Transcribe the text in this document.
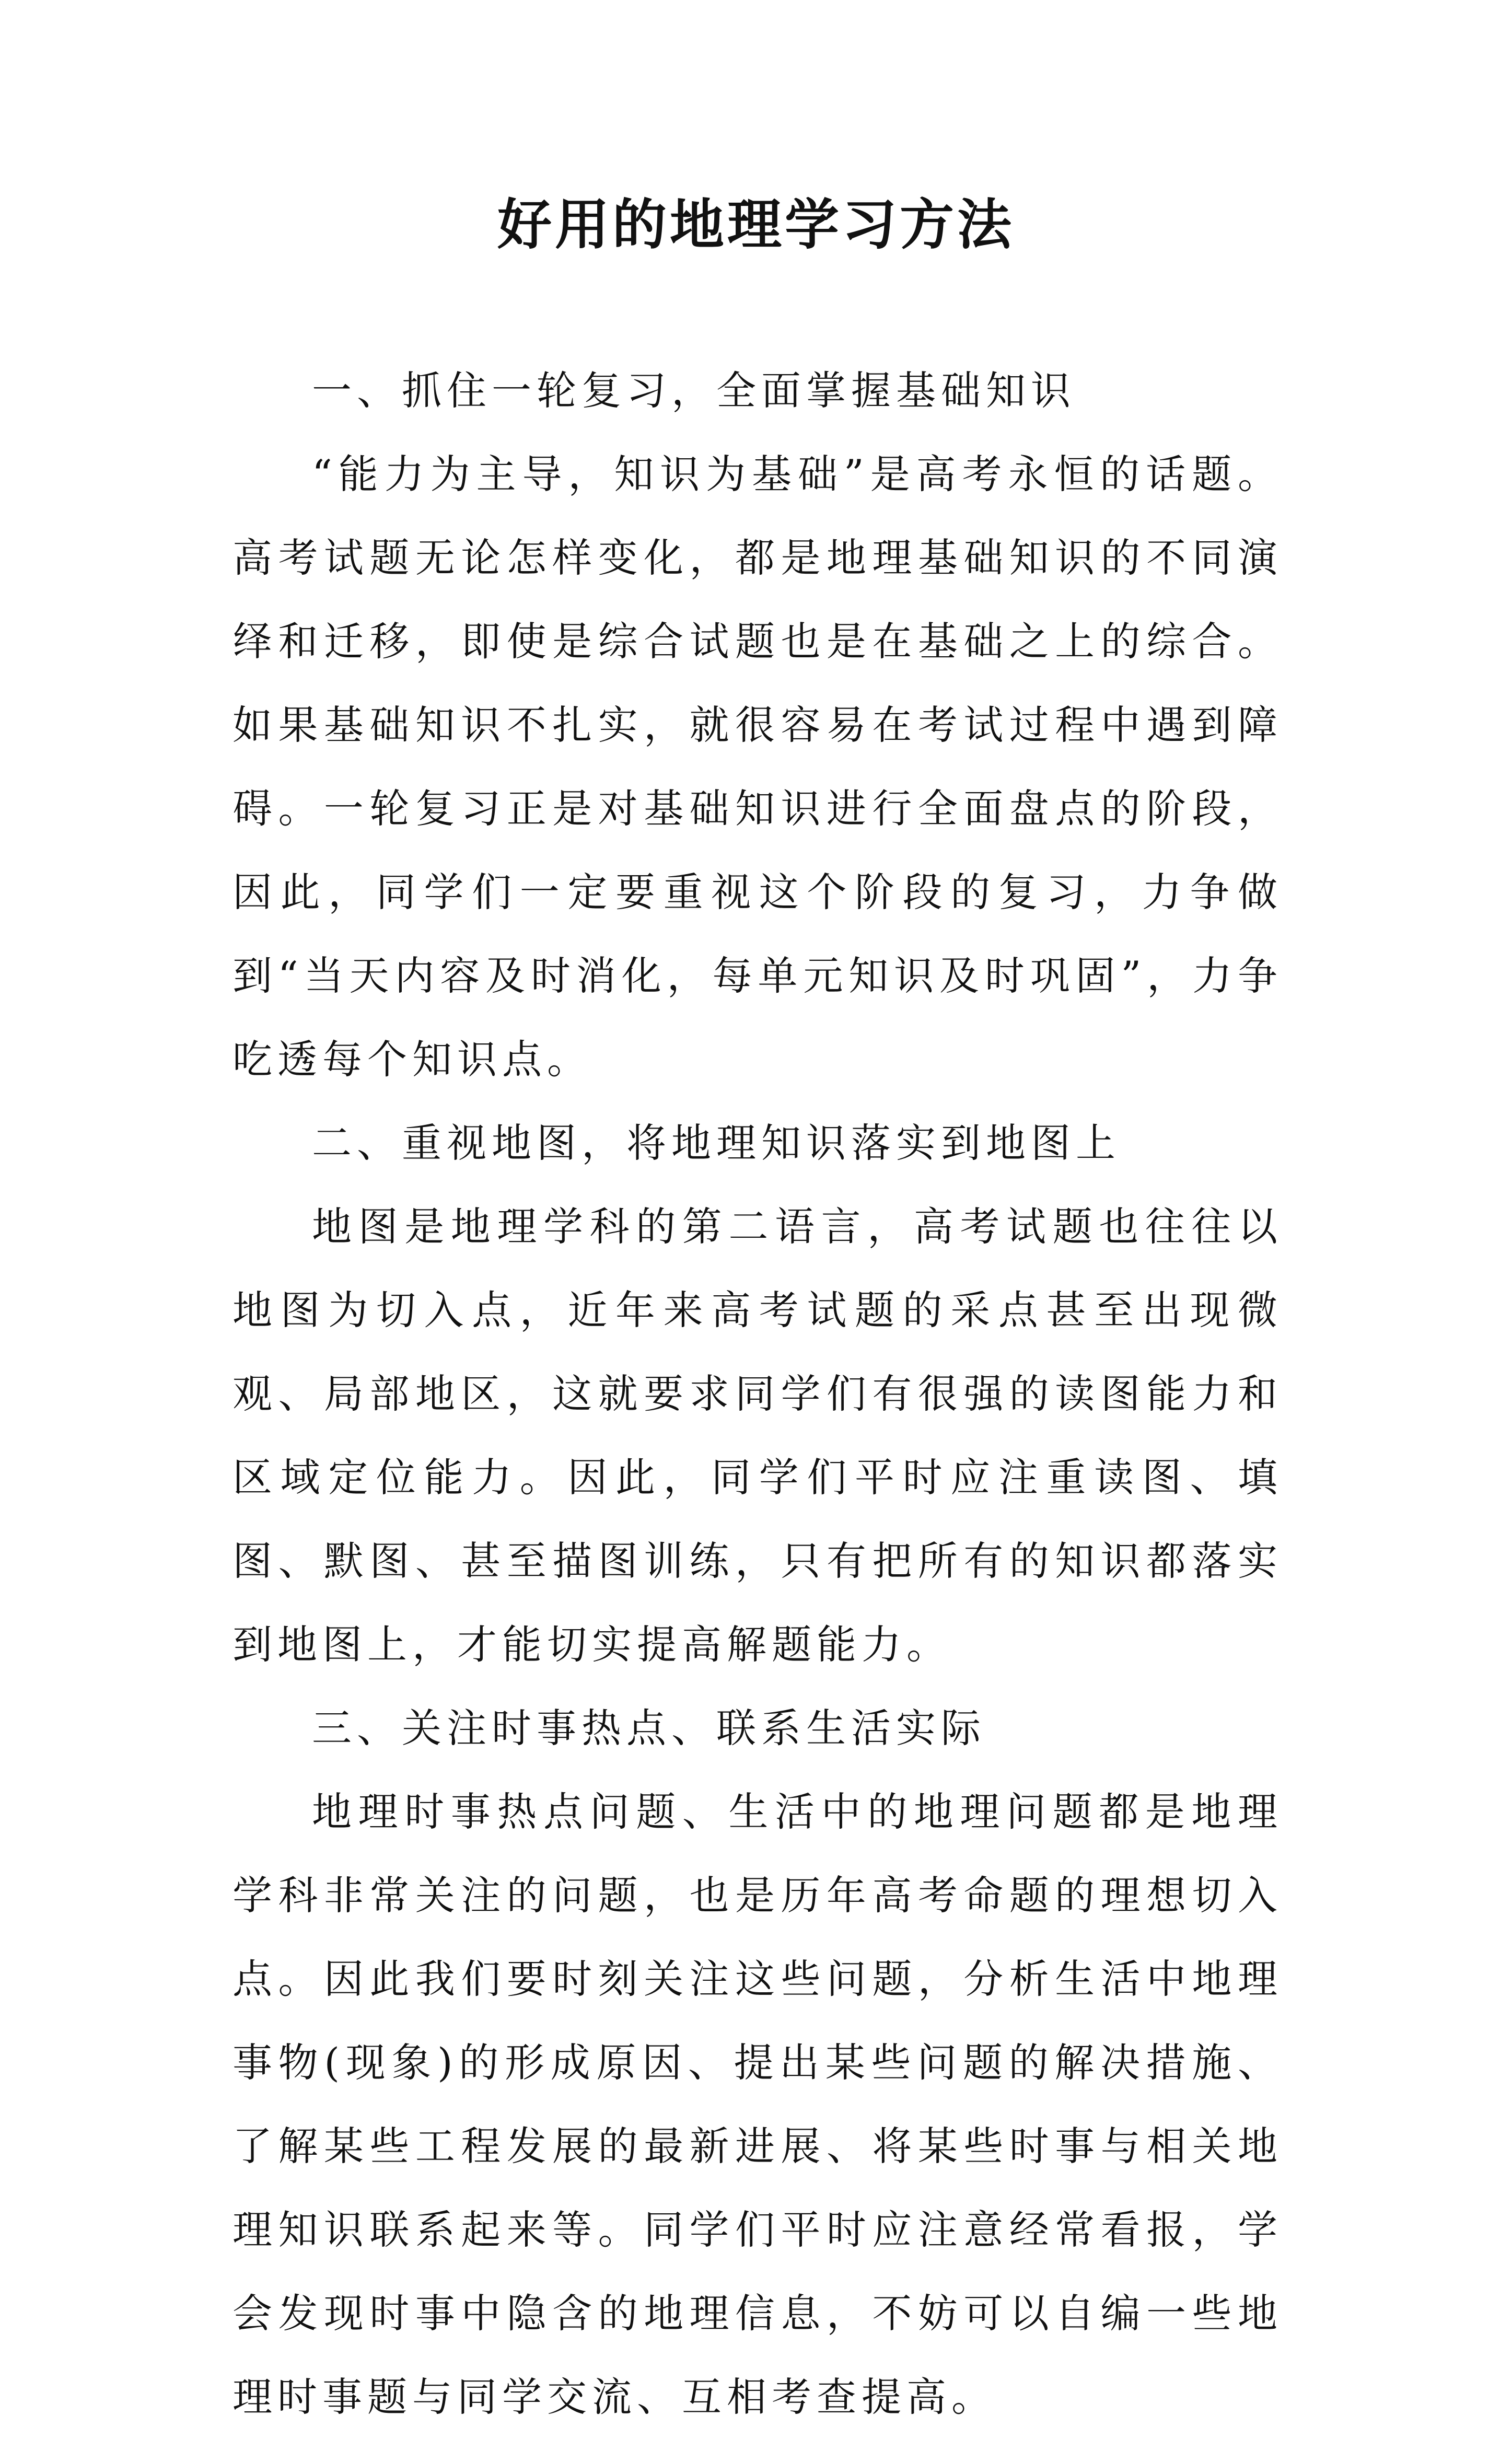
好用的地理学习方法

一、抓住一轮复习，全面掌握基础知识

“能力为主导，知识为基础”是高考永恒的话题。高考试题无论怎样变化，都是地理基础知识的不同演绎和迁移，即使是综合试题也是在基础之上的综合。如果基础知识不扎实，就很容易在考试过程中遇到障碍。一轮复习正是对基础知识进行全面盘点的阶段，因此，同学们一定要重视这个阶段的复习，力争做到“当天内容及时消化，每单元知识及时巩固”，力争吃透每个知识点。

二、重视地图，将地理知识落实到地图上

地图是地理学科的第二语言，高考试题也往往以地图为切入点，近年来高考试题的采点甚至出现微观、局部地区，这就要求同学们有很强的读图能力和区域定位能力。因此，同学们平时应注重读图、填图、默图、甚至描图训练，只有把所有的知识都落实到地图上，才能切实提高解题能力。

三、关注时事热点、联系生活实际

地理时事热点问题、生活中的地理问题都是地理学科非常关注的问题，也是历年高考命题的理想切入点。因此我们要时刻关注这些问题，分析生活中地理事物(现象)的形成原因、提出某些问题的解决措施、了解某些工程发展的最新进展、将某些时事与相关地理知识联系起来等。同学们平时应注意经常看报，学会发现时事中隐含的地理信息，不妨可以自编一些地理时事题与同学交流、互相考查提高。
